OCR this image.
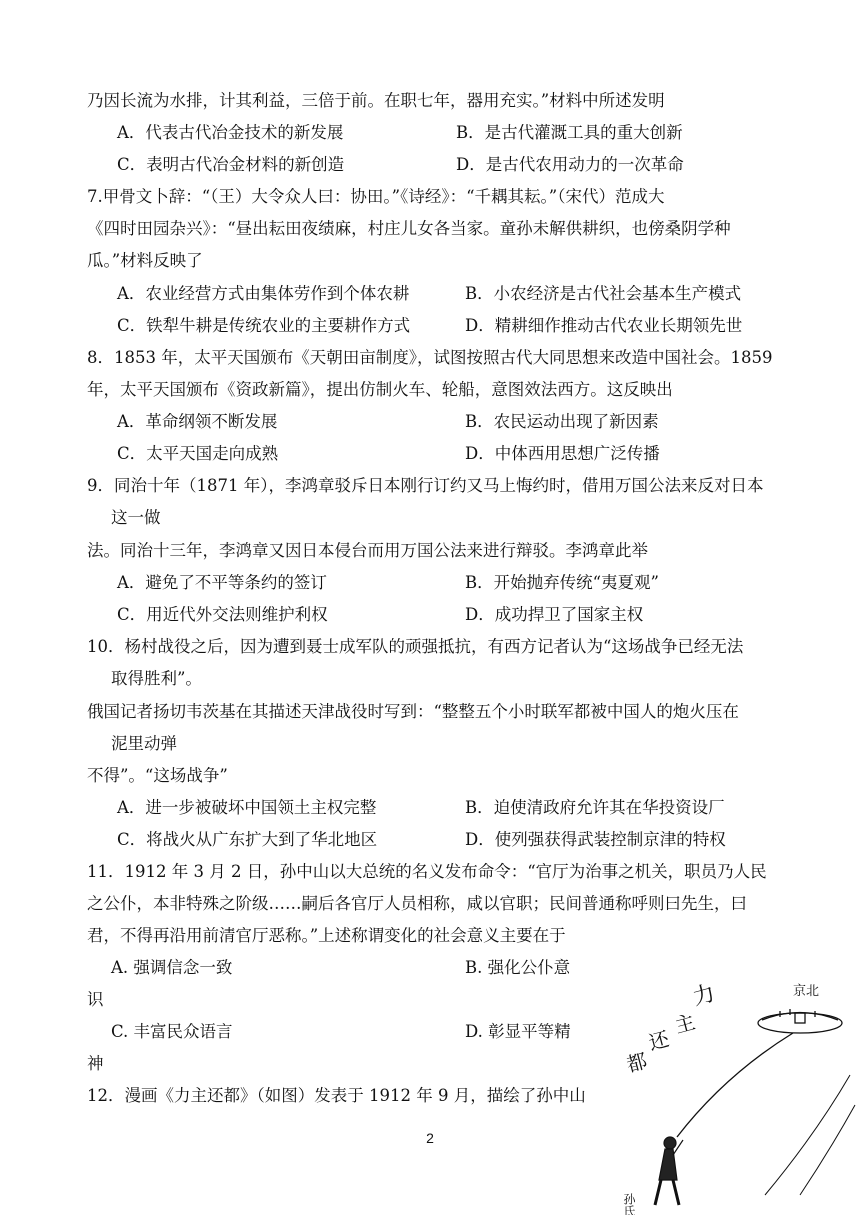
乃因长流为水排，计其利益，三倍于前。在职七年，器用充实。”材料中所述发明
A．代表古代冶金技术的新发展	B．是古代灌溉工具的重大创新
C．表明古代冶金材料的新创造	D．是古代农用动力的一次革命
7.甲骨文卜辞：“（王）大令众人曰：协田。”《诗经》：“千耦其耘。”（宋代）范成大
《四时田园杂兴》：“昼出耘田夜绩麻，村庄儿女各当家。童孙未解供耕织，也傍桑阴学种
瓜。”材料反映了
A．农业经营方式由集体劳作到个体农耕	B．小农经济是古代社会基本生产模式
C．铁犁牛耕是传统农业的主要耕作方式	D．精耕细作推动古代农业长期领先世
8．1853 年，太平天国颁布《天朝田亩制度》，试图按照古代大同思想来改造中国社会。1859
年，太平天国颁布《资政新篇》，提出仿制火车、轮船，意图效法西方。这反映出
A．革命纲领不断发展	B．农民运动出现了新因素
C．太平天国走向成熟	D．中体西用思想广泛传播
9．同治十年（1871 年），李鸿章驳斥日本刚行订约又马上悔约时，借用万国公法来反对日本
这一做
法。同治十三年，李鸿章又因日本侵台而用万国公法来进行辩驳。李鸿章此举
A．避免了不平等条约的签订	B．开始抛弃传统“夷夏观”
C．用近代外交法则维护利权	D．成功捍卫了国家主权
10．杨村战役之后，因为遭到聂士成军队的顽强抵抗，有西方记者认为“这场战争已经无法
取得胜利”。
俄国记者扬切韦茨基在其描述天津战役时写到：“整整五个小时联军都被中国人的炮火压在
泥里动弹
不得”。“这场战争”
A．进一步被破坏中国领土主权完整	B．迫使清政府允许其在华投资设厂
C．将战火从广东扩大到了华北地区	D．使列强获得武装控制京津的特权
11．1912 年 3 月 2 日，孙中山以大总统的名义发布命令：“官厅为治事之机关，职员乃人民
之公仆，本非特殊之阶级……嗣后各官厅人员相称，咸以官职；民间普通称呼则曰先生，曰
君，不得再沿用前清官厅恶称。”上述称谓变化的社会意义主要在于
A. 强调信念一致	B. 强化公仆意
识
C. 丰富民众语言	D. 彰显平等精
神
12．漫画《力主还都》（如图）发表于 1912 年 9 月，描绘了孙中山
2
力
主
还
都
京北
孙氏
